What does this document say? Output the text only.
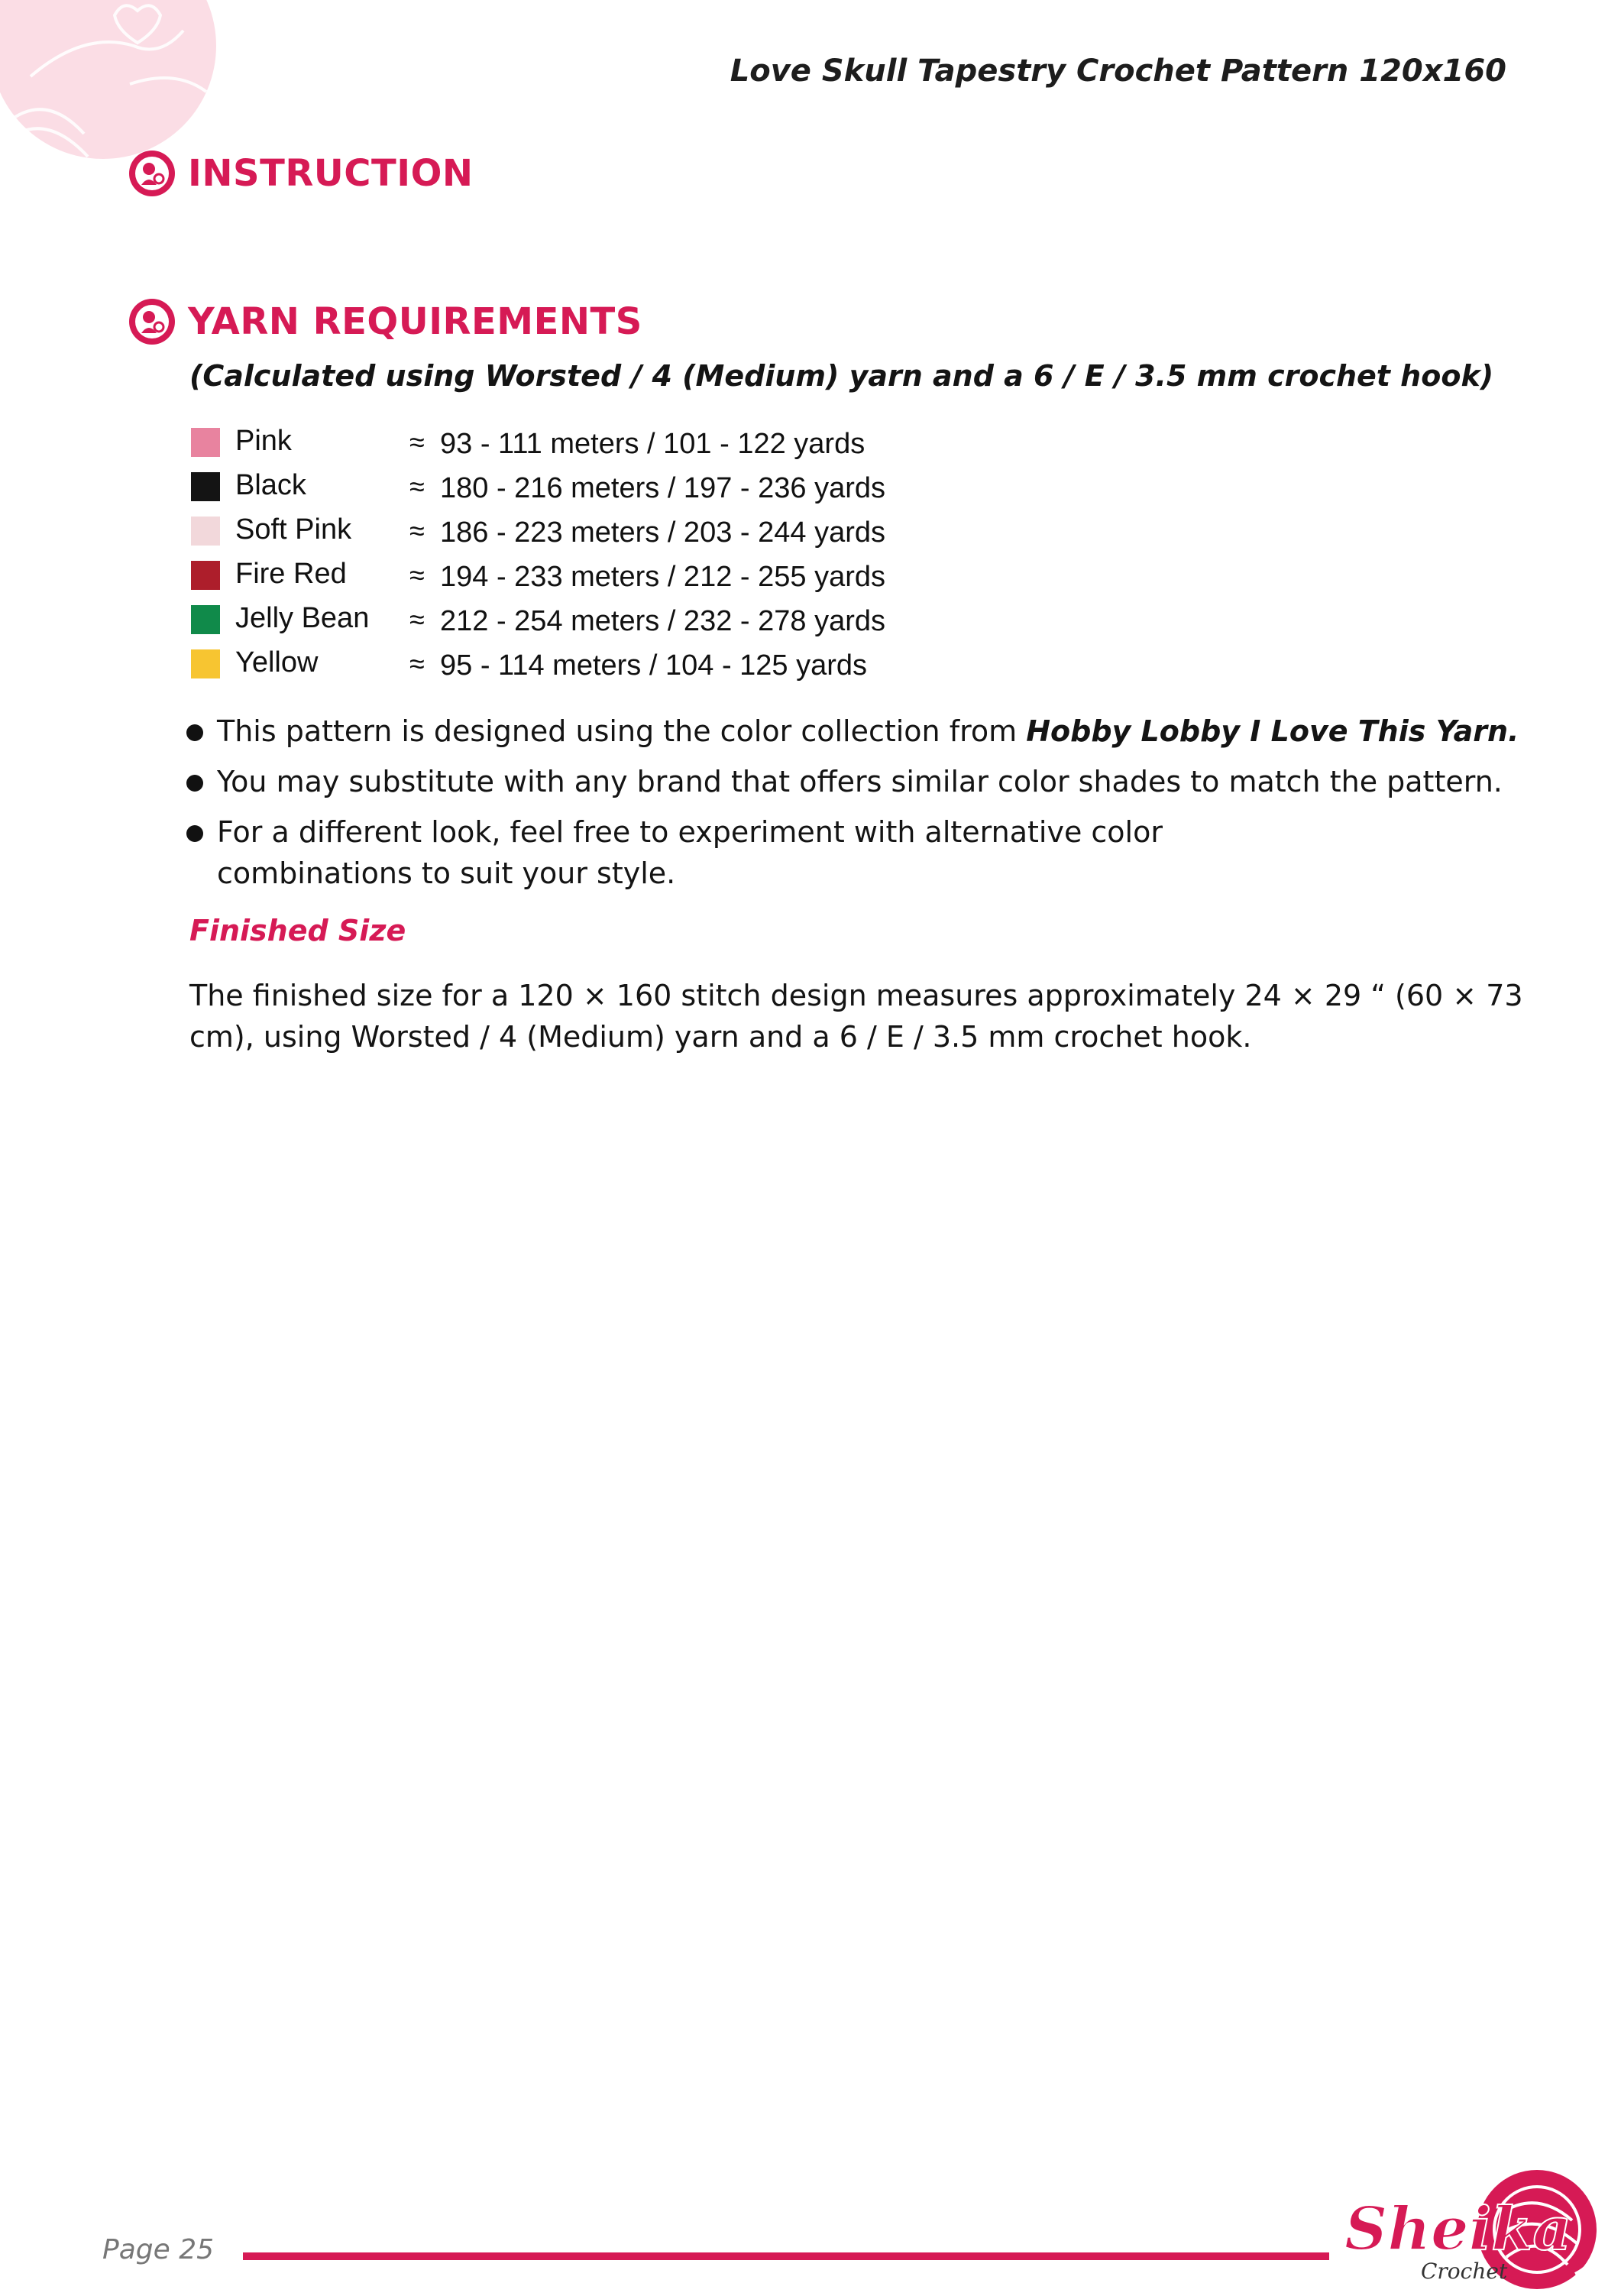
Love Skull Tapestry Crochet Pattern 120x160
INSTRUCTION
YARN REQUIREMENTS
(Calculated using Worsted / 4 (Medium) yarn and a 6 / E / 3.5 mm crochet hook)
Pink	≈ 93 - 111 meters / 101 - 122 yards
Black	≈ 180 - 216 meters / 197 - 236 yards
Soft Pink ≈ 186 - 223 meters / 203 - 244 yards
Fire Red ≈ 194 - 233 meters / 212 - 255 yards
Jelly Bean ≈ 212 - 254 meters / 232 - 278 yards
Yellow	≈ 95 - 114 meters / 104 - 125 yards
This pattern is designed using the color collection from Hobby Lobby I Love This Yarn.
You may substitute with any brand that offers similar color shades to match the pattern.
For a different look, feel free to experiment with alternative color combinations to suit your style.
Finished Size
The finished size for a 120 × 160 stitch design measures approximately 24 × 29 “ (60 × 73 cm), using Worsted / 4 (Medium) yarn and a 6 / E / 3.5 mm crochet hook.
Page 25	Sheika
Crochet
